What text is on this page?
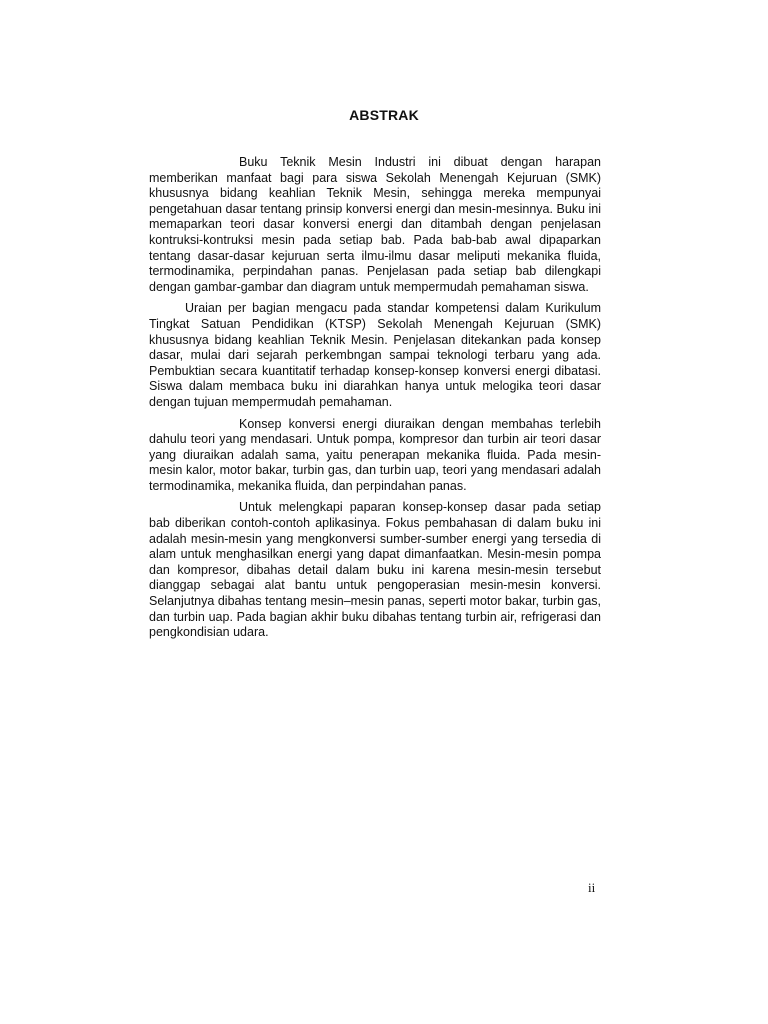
ABSTRAK

Buku Teknik Mesin Industri ini dibuat dengan harapan memberikan manfaat bagi para siswa Sekolah Menengah Kejuruan (SMK) khususnya bidang keahlian Teknik Mesin, sehingga mereka mempunyai pengetahuan dasar tentang prinsip konversi energi dan mesin-mesinnya. Buku ini memaparkan teori dasar konversi energi dan ditambah dengan penjelasan kontruksi-kontruksi mesin pada setiap bab. Pada bab-bab awal dipaparkan tentang dasar-dasar kejuruan serta ilmu-ilmu dasar meliputi mekanika fluida, termodinamika, perpindahan panas. Penjelasan pada setiap bab dilengkapi dengan gambar-gambar dan diagram untuk mempermudah pemahaman siswa.

Uraian per bagian mengacu pada standar kompetensi dalam Kurikulum Tingkat Satuan Pendidikan (KTSP) Sekolah Menengah Kejuruan (SMK) khususnya bidang keahlian Teknik Mesin. Penjelasan ditekankan pada konsep dasar, mulai dari sejarah perkembngan sampai teknologi terbaru yang ada. Pembuktian secara kuantitatif terhadap konsep-konsep konversi energi dibatasi. Siswa dalam membaca buku ini diarahkan hanya untuk melogika teori dasar dengan tujuan mempermudah pemahaman.

Konsep konversi energi diuraikan dengan membahas terlebih dahulu teori yang mendasari. Untuk pompa, kompresor dan turbin air teori dasar yang diuraikan adalah sama, yaitu penerapan mekanika fluida. Pada mesin-mesin kalor, motor bakar, turbin gas, dan turbin uap, teori yang mendasari adalah termodinamika, mekanika fluida, dan perpindahan panas.

Untuk melengkapi paparan konsep-konsep dasar pada setiap bab diberikan contoh-contoh aplikasinya. Fokus pembahasan di dalam buku ini adalah mesin-mesin yang mengkonversi sumber-sumber energi yang tersedia di alam untuk menghasilkan energi yang dapat dimanfaatkan. Mesin-mesin pompa dan kompresor, dibahas detail dalam buku ini karena mesin-mesin tersebut dianggap sebagai alat bantu untuk pengoperasian mesin-mesin konversi. Selanjutnya dibahas tentang mesin–mesin panas, seperti motor bakar, turbin gas, dan turbin uap. Pada bagian akhir buku dibahas tentang turbin air, refrigerasi dan pengkondisian udara.

ii
